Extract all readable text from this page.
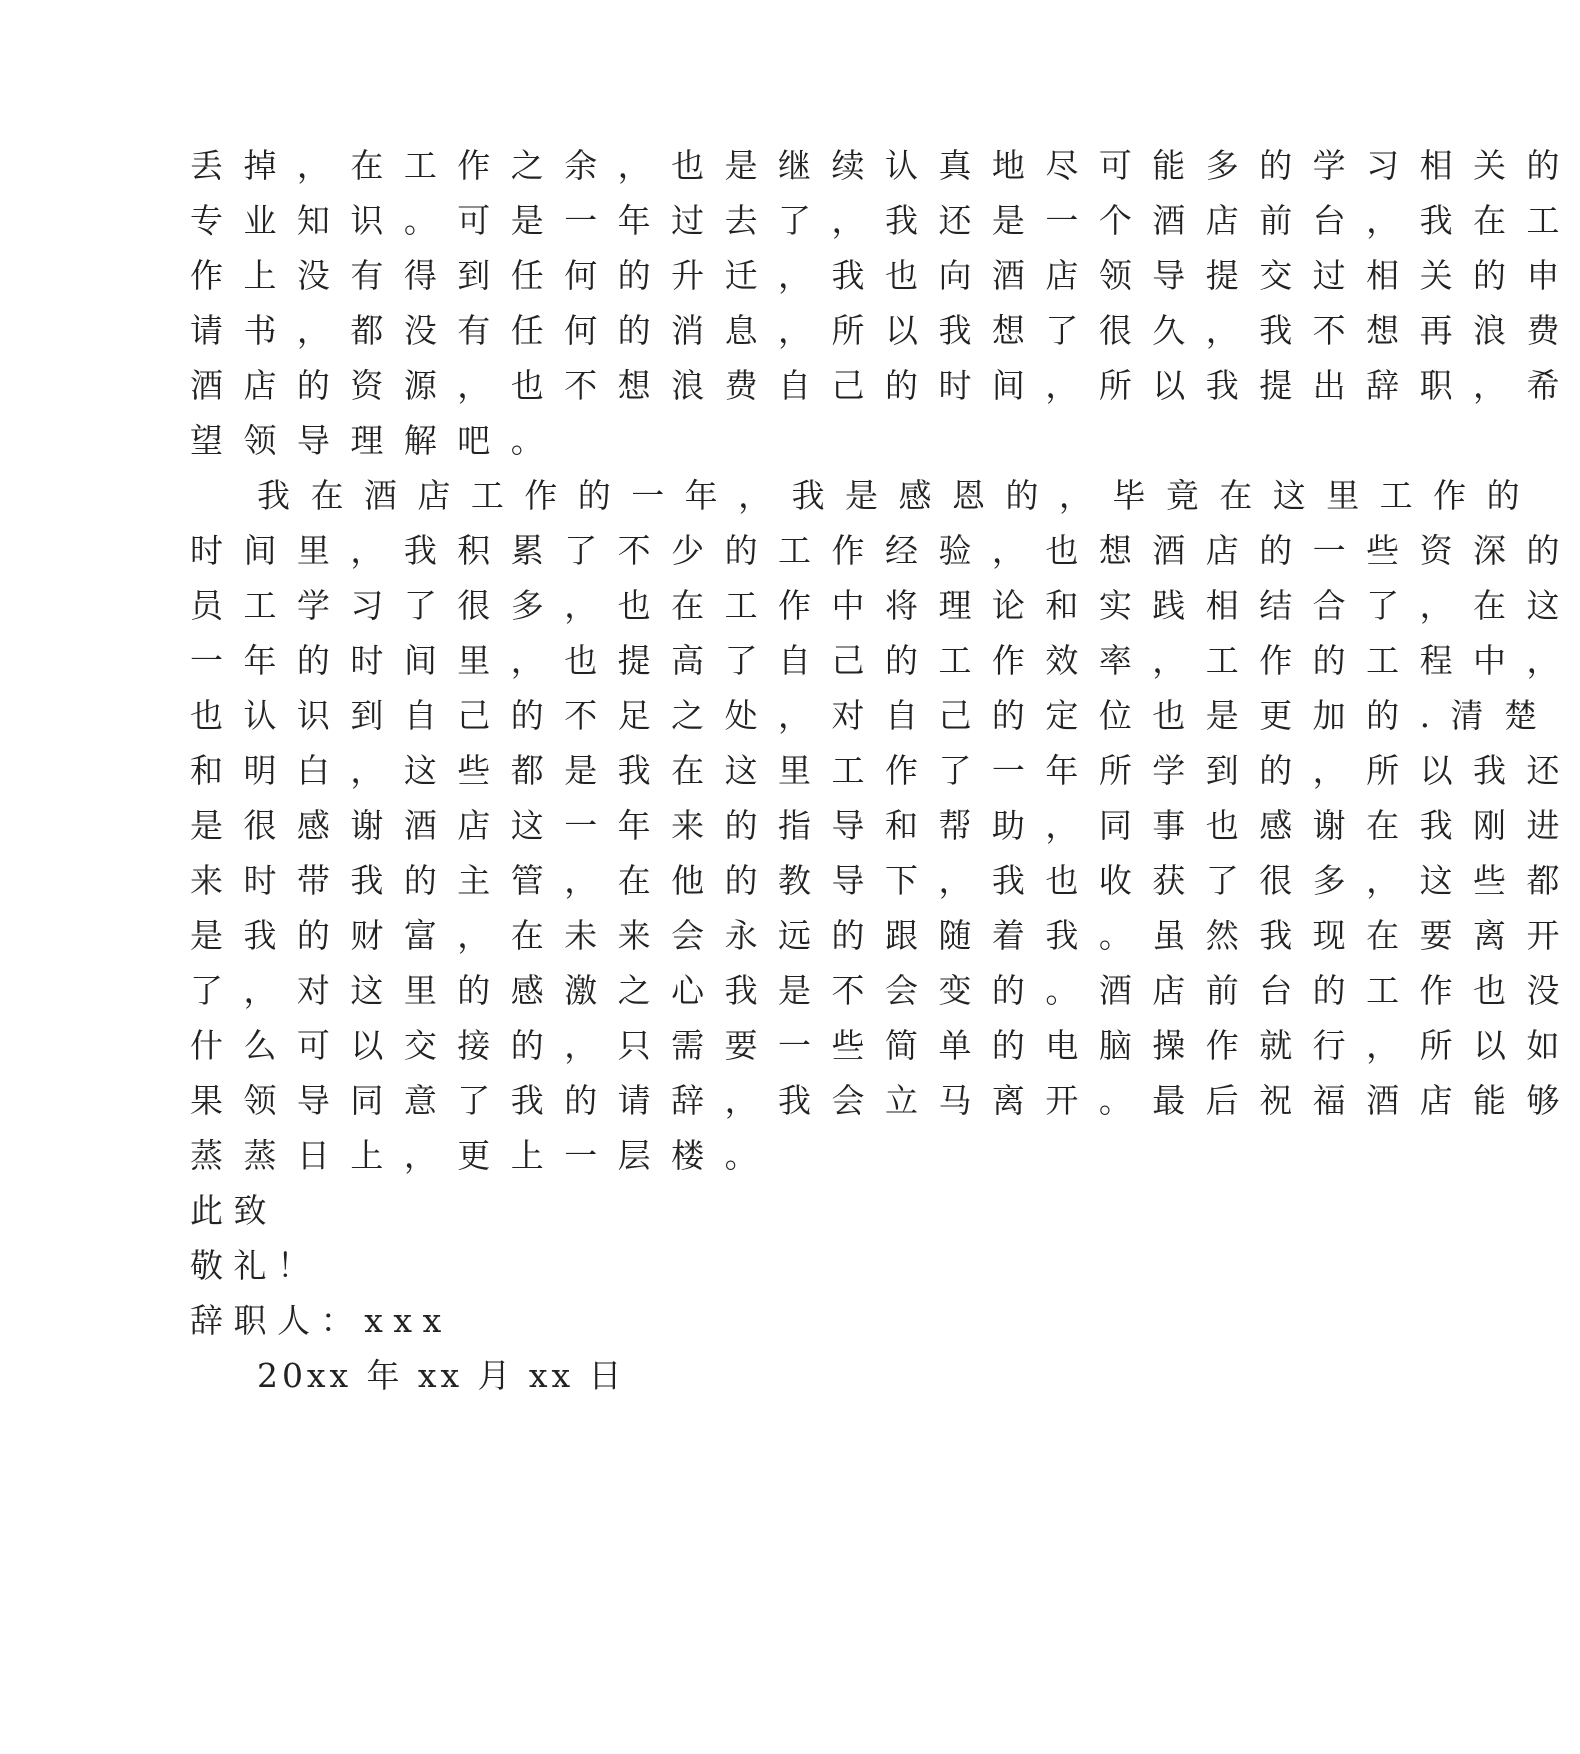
丢掉，在工作之余，也是继续认真地尽可能多的学习相关的
专业知识。可是一年过去了，我还是一个酒店前台，我在工
作上没有得到任何的升迁，我也向酒店领导提交过相关的申
请书，都没有任何的消息，所以我想了很久，我不想再浪费
酒店的资源，也不想浪费自己的时间，所以我提出辞职，希
望领导理解吧。
我在酒店工作的一年，我是感恩的，毕竟在这里工作的
时间里，我积累了不少的工作经验，也想酒店的一些资深的
员工学习了很多，也在工作中将理论和实践相结合了，在这
一年的时间里，也提高了自己的工作效率，工作的工程中，
也认识到自己的不足之处，对自己的定位也是更加的.清楚
和明白，这些都是我在这里工作了一年所学到的，所以我还
是很感谢酒店这一年来的指导和帮助，同事也感谢在我刚进
来时带我的主管，在他的教导下，我也收获了很多，这些都
是我的财富，在未来会永远的跟随着我。虽然我现在要离开
了，对这里的感激之心我是不会变的。酒店前台的工作也没
什么可以交接的，只需要一些简单的电脑操作就行，所以如
果领导同意了我的请辞，我会立马离开。最后祝福酒店能够
蒸蒸日上，更上一层楼。
此致
敬礼！
辞职人：xxx
20xx 年 xx 月 xx 日
